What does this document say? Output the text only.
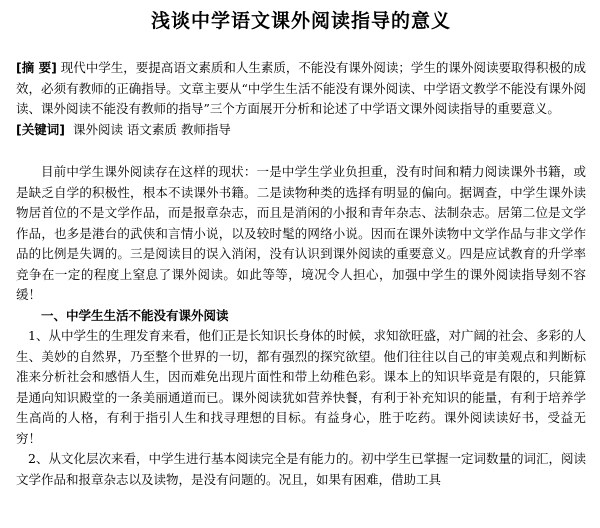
浅谈中学语文课外阅读指导的意义

[摘 要] 现代中学生，要提高语文素质和人生素质，不能没有课外阅读；学生的课外阅读要取得积极的成效，必须有教师的正确指导。文章主要从“中学生生活不能没有课外阅读、中学语文教学不能没有课外阅读、课外阅读不能没有教师的指导”三个方面展开分析和论述了中学语文课外阅读指导的重要意义。

[关键词] 课外阅读 语文素质 教师指导

目前中学生课外阅读存在这样的现状：一是中学生学业负担重，没有时间和精力阅读课外书籍，或是缺乏自学的积极性，根本不读课外书籍。二是读物种类的选择有明显的偏向。据调查，中学生课外读物居首位的不是文学作品，而是报章杂志，而且是消闲的小报和青年杂志、法制杂志。居第二位是文学作品，也多是港台的武侠和言情小说，以及较时髦的网络小说。因而在课外读物中文学作品与非文学作品的比例是失调的。三是阅读目的误入消闲，没有认识到课外阅读的重要意义。四是应试教育的升学率竞争在一定的程度上窒息了课外阅读。如此等等，境况令人担心，加强中学生的课外阅读指导刻不容缓！

一、中学生生活不能没有课外阅读

1、从中学生的生理发育来看，他们正是长知识长身体的时候，求知欲旺盛，对广阔的社会、多彩的人生、美妙的自然界，乃至整个世界的一切，都有强烈的探究欲望。他们往往以自己的审美观点和判断标准来分析社会和感悟人生，因而难免出现片面性和带上幼稚色彩。课本上的知识毕竟是有限的，只能算是通向知识殿堂的一条美丽通道而已。课外阅读犹如营养快餐，有利于补充知识的能量，有利于培养学生高尚的人格，有利于指引人生和找寻理想的目标。有益身心，胜于吃药。课外阅读读好书，受益无穷！

2、从文化层次来看，中学生进行基本阅读完全是有能力的。初中学生已掌握一定词数量的词汇，阅读文学作品和报章杂志以及读物，是没有问题的。况且，如果有困难，借助工具
